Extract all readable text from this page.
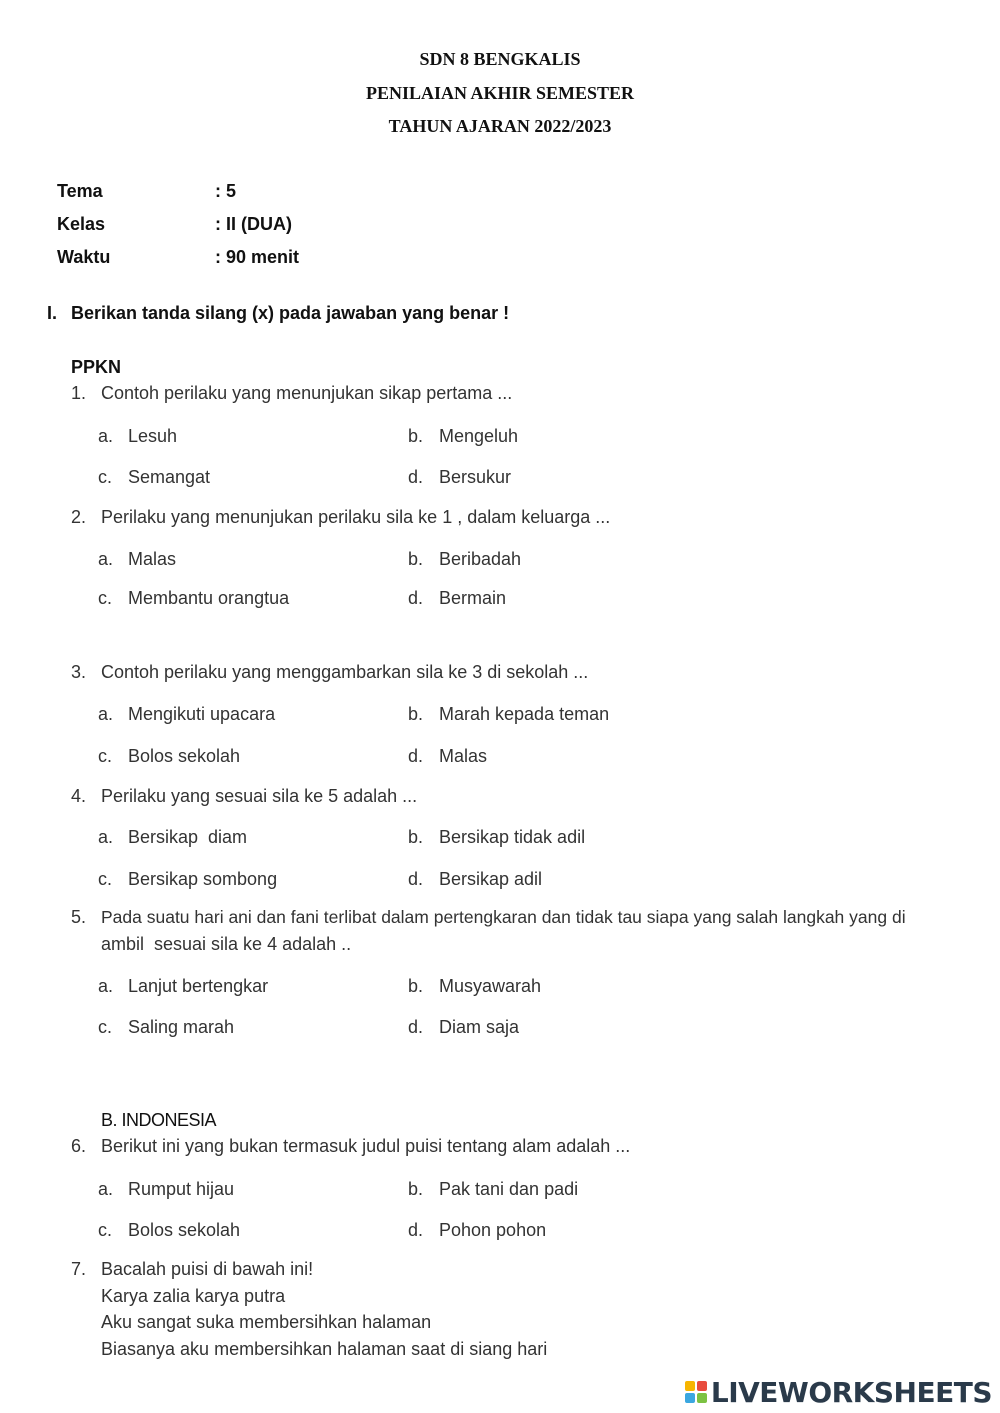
SDN 8 BENGKALIS
PENILAIAN AKHIR SEMESTER
TAHUN AJARAN 2022/2023
Tema	: 5
Kelas	: II (DUA)
Waktu	: 90 menit
I. Berikan tanda silang (x) pada jawaban yang benar !
PPKN
1. Contoh perilaku yang menunjukan sikap pertama ...
a. Lesuh	b. Mengeluh
c. Semangat	d. Bersukur
2. Perilaku yang menunjukan perilaku sila ke 1 , dalam keluarga ...
a. Malas	b. Beribadah
c. Membantu orangtua	d. Bermain
3. Contoh perilaku yang menggambarkan sila ke 3 di sekolah ...
a. Mengikuti upacara	b. Marah kepada teman
c. Bolos sekolah	d. Malas
4. Perilaku yang sesuai sila ke 5 adalah ...
a. Bersikap  diam	b. Bersikap tidak adil
c. Bersikap sombong	d. Bersikap adil
5. Pada suatu hari ani dan fani terlibat dalam pertengkaran dan tidak tau siapa yang salah langkah yang di
ambil  sesuai sila ke 4 adalah ..
a. Lanjut bertengkar	b. Musyawarah
c. Saling marah	d. Diam saja
B. INDONESIA
6. Berikut ini yang bukan termasuk judul puisi tentang alam adalah ...
a. Rumput hijau	b. Pak tani dan padi
c. Bolos sekolah	d. Pohon pohon
7. Bacalah puisi di bawah ini!
Karya zalia karya putra
Aku sangat suka membersihkan halaman
Biasanya aku membersihkan halaman saat di siang hari
LIVEWORKSHEETS
